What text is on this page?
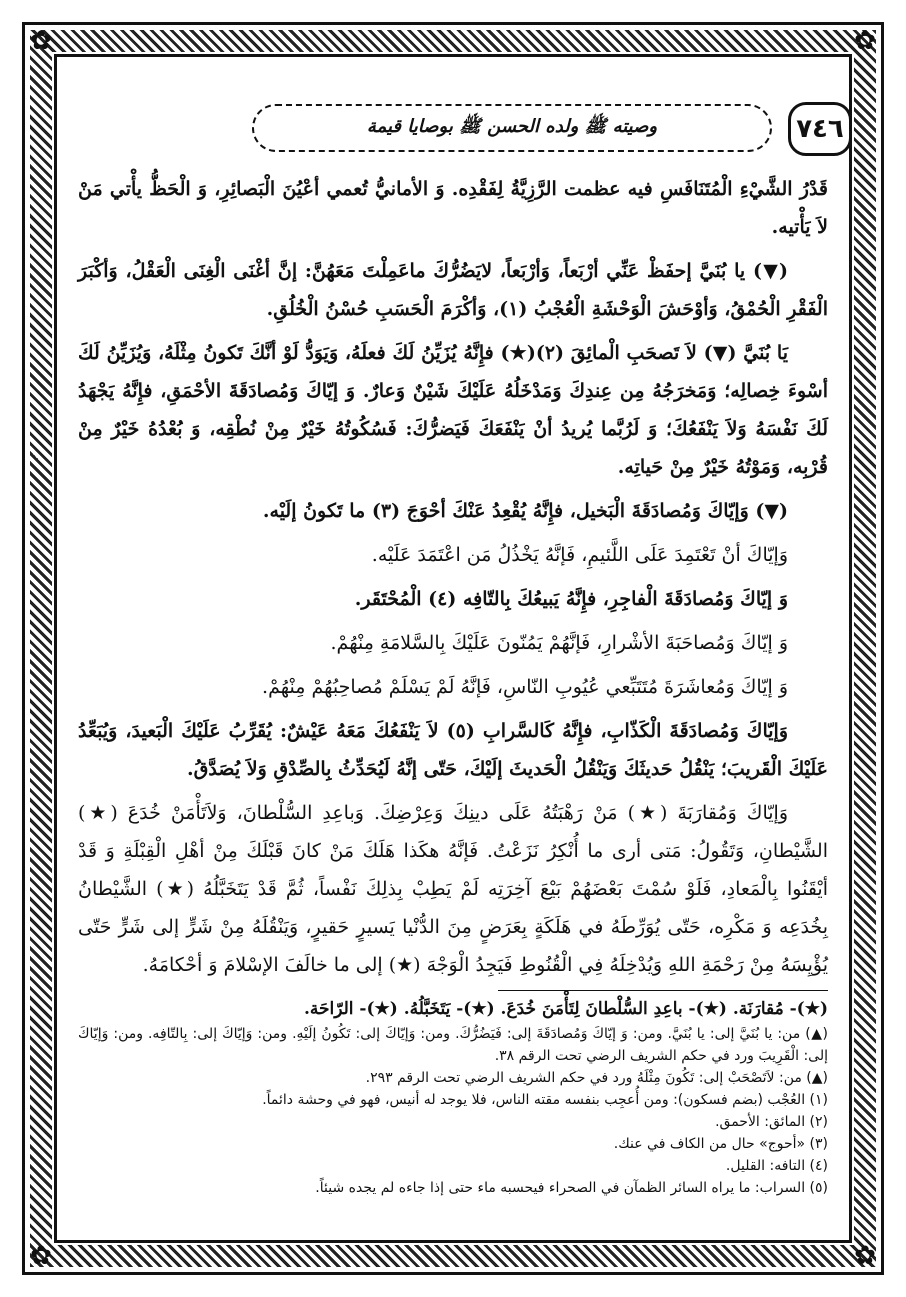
✿	✿
✿	✿
٧٤٦
وصيته ﷺ ولده الحسن ﷺ بوصايا قيمة

قَدْرُ الشَّيْءِ الْمُتَنَافَسِ فيه عظمت الرَّزِيَّةُ لِفَقْدِه. وَ الأمانيُّ تُعمي أعْيُنَ الْبَصائِرِ، وَ الْحَظُّ يأْتي مَنْ لاَ يَأْتيه.

(▼) يا بُنَيَّ إحفَظْ عَنِّي أرْبَعاً، وَأرْبَعاً، لايَضُرُّكَ ماعَمِلْتَ مَعَهُنَّ: إنَّ أغْنَى الْغِنَى الْعَقْلُ، وَأكْبَرَ الْفَقْرِ الْحُمْقُ، وَأوْحَشَ الْوَحْشَةِ الْعُجْبُ (١)، وَأكْرَمَ الْحَسَبِ حُسْنُ الْخُلُقِ.

يَا بُنَيَّ (▼) لاَ تَصحَبِ الْمائِقَ (٢)(★) فإِنَّهُ يُزَيِّنُ لَكَ فعلَهُ، وَيَوَدُّ لَوْ أنَّكَ تَكونُ مِثْلَهُ، وَيُزَيِّنُ لَكَ أسْوءَ خِصالِه؛ وَمَخرَجُهُ مِن عِندِكَ وَمَدْخَلُهُ عَلَيْكَ شَيْنٌ وَعارٌ. وَ إيّاكَ وَمُصادَقَةَ الأحْمَقِ، فإِنَّهُ يَجْهَدُ لَكَ نَفْسَهُ وَلاَ يَنْفَعُكَ؛ وَ لَرُبَّما يُريدُ أنْ يَنْفَعَكَ فَيَضرُّكَ: فَسُكُوتُهُ خَيْرٌ مِنْ نُطْقِه، وَ بُعْدُهُ خَيْرٌ مِنْ قُرْبِه، وَمَوْتُهُ خَيْرٌ مِنْ حَياتِه.

(▼) وَإيّاكَ وَمُصادَقَةَ الْبَخيل، فإِنَّهُ يُقْعِدُ عَنْكَ أحْوَجَ (٣) ما تَكونُ إلَيْه.

وَإيّاكَ أنْ تَعْتَمِدَ عَلَى اللَّئيمِ، فَإنَّهُ يَخْذُلُ مَن اعْتَمَدَ عَلَيْه.

وَ إيّاكَ وَمُصادَقَةَ الْفاجِرِ، فإِنَّهُ يَبيعُكَ بِالتّافِه (٤) الْمُحْتَقَر.

وَ إيّاكَ وَمُصاحَبَةَ الأشْرارِ، فَإنَّهُمْ يَمُنّونَ عَلَيْكَ بِالسَّلامَةِ مِنْهُمْ.

وَ إيّاكَ وَمُعاشَرَةَ مُتَتَبِّعي عُيُوبِ النّاسِ، فَإنَّهُ لَمْ يَسْلَمْ مُصاحِبُهُمْ مِنْهُمْ.

وَإيّاكَ وَمُصادَقَةَ الْكَذّابِ، فإِنَّهُ كَالسَّرابِ (٥) لاَ يَنْفَعُكَ مَعَهُ عَيْشٌ: يُقَرِّبُ عَلَيْكَ الْبَعيدَ، وَيُبَعِّدُ عَلَيْكَ الْقَريبَ؛ يَنْقُلُ حَديثَكَ وَيَنْقُلُ الْحَديثَ إلَيْكَ، حَتّى إنَّهُ لَيُحَدِّثُ بِالصِّدْقِ وَلاَ يُصَدَّقُ.

وَإيّاكَ وَمُقارَبَةَ (★) مَنْ رَهْبَتُهُ عَلَى دينِكَ وَعِرْضِكَ. وَباعِدِ السُّلْطانَ، وَلاَتَأْمَنْ خُدَعَ (★) الشَّيْطانِ، وَتَقُولُ: مَتى أرى ما أُنْكِرُ نَزَعْتُ. فَإنَّهُ هكَذا هَلَكَ مَنْ كانَ قَبْلَكَ مِنْ أهْلِ الْقِبْلَةِ وَ قَدْ أيْقَنُوا بِالْمَعادِ، فَلَوْ سُمْتَ بَعْضَهُمْ بَيْعَ آخِرَتِه لَمْ يَطِبْ بِذلِكَ نَفْساً، ثُمَّ قَدْ يَتَخَبَّلُهُ (★) الشَّيْطانُ بِخُدَعِه وَ مَكْرِه، حَتّى يُوَرِّطَهُ في هَلَكَةٍ بِعَرَضٍ مِنَ الدُّنْيا يَسيرٍ حَقيرٍ، وَيَنْقُلَهُ مِنْ شَرٍّ إلى شَرٍّ حَتّى يُؤْيِسَهُ مِنْ رَحْمَةِ اللهِ وَيُدْخِلَهُ فِي الْقُنُوطِ فَيَجِدُ الْوَجْهَ (★) إلى ما خالَفَ الإسْلامَ وَ أحْكامَهُ.

(★)- مُقارَنَة. (★)- باعِدِ السُّلْطانَ لِتَأْمَنَ خُدَعَ. (★)- يَتَخَبَّلُهُ. (★)- الرّاحَة.

(▲) من: يا بُنَيَّ إلى: يا بُنَيَّ. ومن: وَ إيّاكَ وَمُصادَقَةَ إلى: فَيَضُرُّكَ. ومن: وَإيّاكَ إلى: تَكُونُ إلَيْهِ. ومن: وَإيّاكَ إلى: بِالتّافِه. ومن: وَإيّاكَ إلى: الْقَرِيبَ ورد في حكم الشريف الرضي تحت الرقم ٣٨.

(▲) من: لاَتَصْحَبْ إلى: تَكُونَ مِثْلَهُ ورد في حكم الشريف الرضي تحت الرقم ٢٩٣.

(١) العُجْب (بضم فسكون): ومن أُعجِب بنفسه مقته الناس، فلا يوجد له أنيس، فهو في وحشة دائماً.

(٢) المائق: الأحمق.

(٣) «أحوج» حال من الكاف في عنك.

(٤) التافه: القليل.

(٥) السراب: ما يراه السائر الظمآن في الصحراء فيحسبه ماء حتى إذا جاءه لم يجده شيئاً.
